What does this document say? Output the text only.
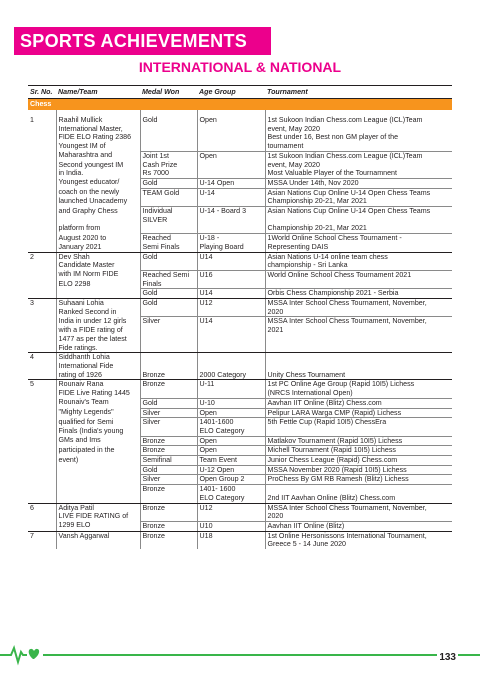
SPORTS ACHIEVEMENTS
INTERNATIONAL & NATIONAL
Sr. No.	Name/Team	Medal Won	Age Group	Tournament
Chess				

1	Raahil Mullick	Gold	Open	1st Sukoon Indian Chess.com League (ICL)Team
	International Master,			event, May 2020
	FIDE ELO Rating 2386			Best under 16, Best non GM player of the
	Youngest IM of			tournament
	Maharashtra and	Joint 1st	Open	1st Sukoon Indian Chess.com League (ICL)Team
	Second youngest IM	Cash Prize		event, May 2020
	in India.	Rs 7000		Most Valuable Player of the Tournamnent
	Youngest educator/	Gold	U-14 Open	MSSA Under 14th, Nov 2020
	coach on the newly	TEAM Gold	U-14	Asian Nations Cup Online U-14 Open Chess Teams
	launched Unacademy			Championship 20-21, Mar 2021
	and Graphy Chess	Individual SILVER	U-14 - Board 3	Asian Nations Cup Online U-14 Open Chess Teams
	platform from			Championship 20-21, Mar 2021
	August 2020 to	Reached	U-18 -	1World Online School Chess Tournament -
	January 2021	Semi Finals	Playing Board	Representing DAIS
2	Dev Shah	Gold	U14	Asian Nations U-14 online team chess
	Candidate Master			championship - Sri Lanka
	with IM Norm FIDE	Reached Semi	U16	World Online School Chess Tournament 2021
	ELO 2298	Finals		
		Gold	U14	Orbis Chess Championship 2021 - Serbia
3	Suhaani Lohia	Gold	U12	MSSA Inter School Chess Tournament, November,
	Ranked Second in			2020
	India in under 12 girls	Silver	U14	MSSA Inter School Chess Tournament, November,
	with a FIDE rating of			2021
	1477 as per the latest			
	Fide ratings.			
4	Siddhanth Lohia			
	International Fide			
	rating of 1926	Bronze	2000 Category	Unity Chess Tournament
5	Rounaiv Rana	Bronze	U-11	1st PC Online Age Group (Rapid 10I5) Lichess
	FIDE Live Rating 1445			(NRCS International Open)
	Rounaiv's Team	Gold	U-10	Aavhan IIT Online (Blitz) Chess.com
	"Mighty Legends"	Silver	Open	Pelipur LARA Warga CMP (Rapid) Lichess
	qualified for Semi	Silver	1401-1600	5th Fettle Cup (Rapid 10I5) ChessEra
	Finals (India's young		ELO Category	
	GMs and Ims	Bronze	Open	Matlakov Tournament (Rapid 10I5) Lichess
	participated in the	Bronze	Open	Michell Tournament (Rapid 10I5) Lichess
	event)	Semifinal	Team Event	Junior Chess League (Rapid) Chess.com
		Gold	U-12 Open	MSSA November 2020 (Rapid 10I5) Lichess
		Silver	Open Group 2	ProChess By GM RB Ramesh (Blitz) Lichess
		Bronze	1401- 1600	
			ELO Category	2nd IIT Aavhan Online (Blitz) Chess.com
6	Aditya Patil	Bronze	U12	MSSA Inter School Chess Tournament, November,
	LIVE FIDE RATING of			2020
	1299 ELO	Bronze	U10	Aavhan IIT Online (Blitz)
7	Vansh Aggarwal	Bronze	U18	1st Online Hersonissons International Tournament,
				Greece 5 - 14 June 2020
133
